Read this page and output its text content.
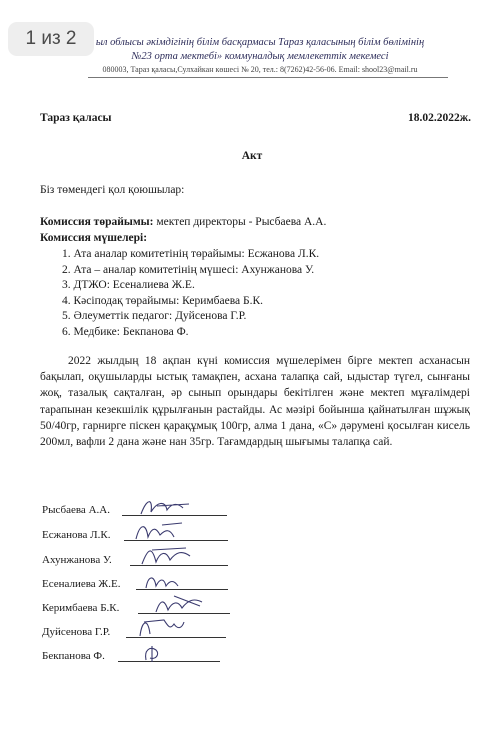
1 из 2	ыл облысы әкімдігінің білім басқармасы Тараз қаласының білім бөлімінің
№23 орта мектебі» коммуналдық мемлекеттік мекемесі
080003, Тараз қаласы,Сулхайкан көшесі № 20, тел.: 8(7262)42-56-06. Email: shool23@mail.ru
Тараз қаласы	18.02.2022ж.
Акт
Біз төмендегі қол қоюшылар:
Комиссия төрайымы: мектеп директоры - Рысбаева А.А.
Комиссия мүшелері:
1. Ата аналар комитетінің төрайымы: Есжанова Л.К.
2. Ата – аналар комитетінің мүшесі: Ахунжанова У.
3. ДТЖО: Есеналиева Ж.Е.
4. Кәсіподақ төрайымы: Керимбаева Б.К.
5. Әлеуметтік педагог: Дуйсенова Г.Р.
6. Медбике: Бекпанова Ф.
2022 жылдың 18 ақпан күні комиссия мүшелерімен бірге мектеп асханасын бақылап, оқушыларды ыстық тамақпен, асхана талапқа сай, ыдыстар түгел, сынғаны жоқ, тазалық сақталған, әр сынып орындары бекітілген және мектеп мұғалімдері тарапынан кезекшілік құрылғанын растайды. Ас мәзірі бойынша қайнатылған шұжық 50/40гр, гарнирге піскен қарақұмық 100гр, алма 1 дана, «С» дәрумені қосылған кисель 200мл, вафли 2 дана және нан 35гр. Тағамдардың шығымы талапқа сай.
Рысбаева А.А.
Есжанова Л.К.
Ахунжанова У.
Есеналиева Ж.Е.
Керимбаева Б.К.
Дуйсенова Г.Р.
Бекпанова Ф.
